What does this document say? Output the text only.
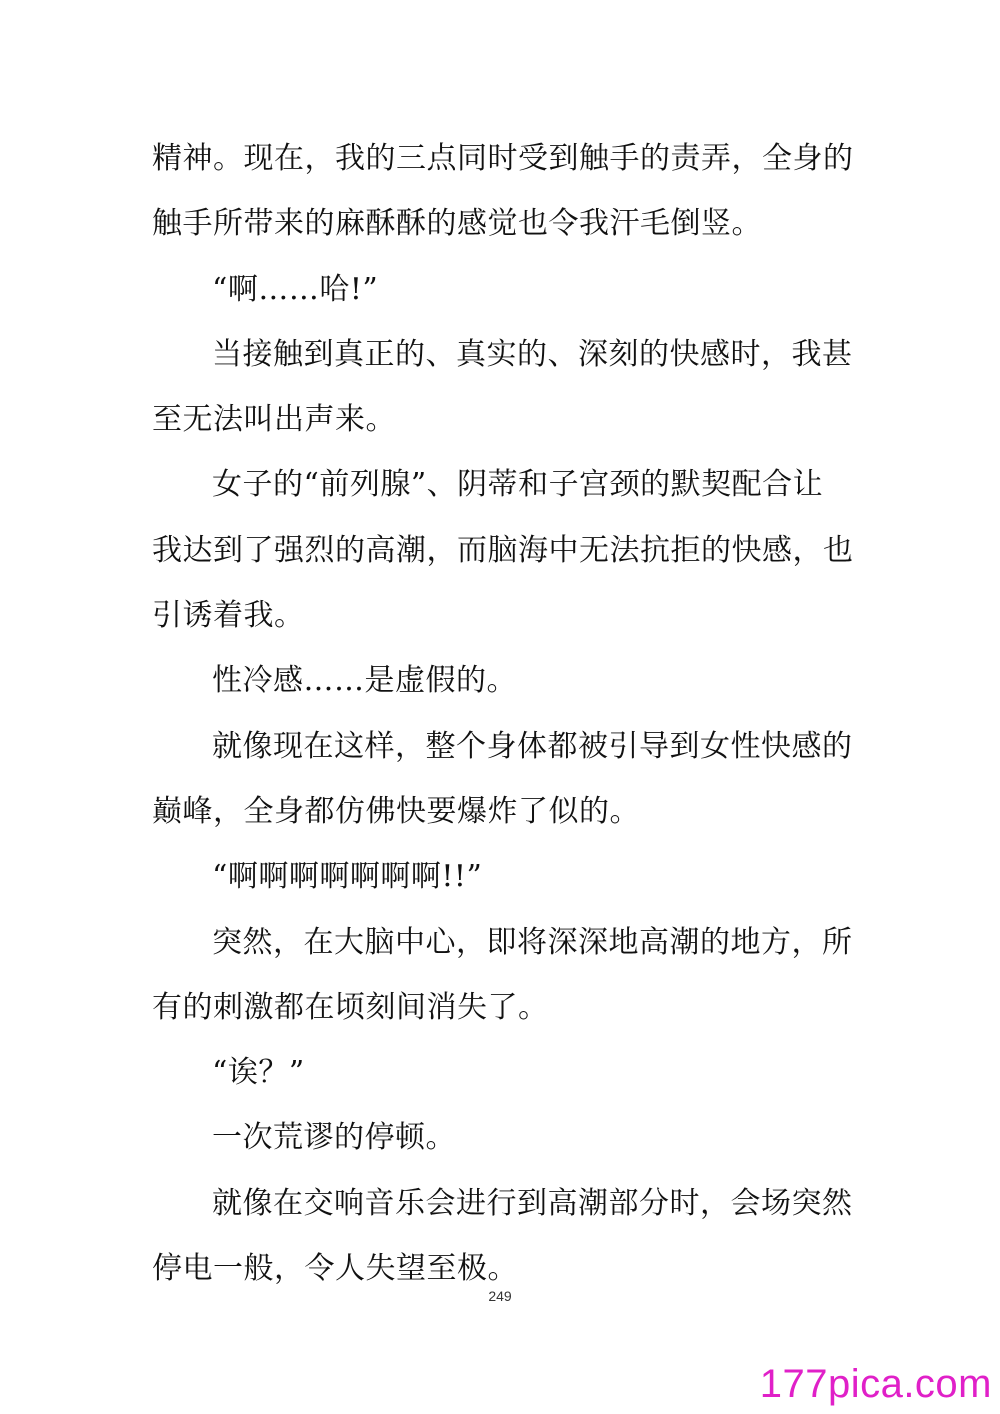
精神。现在，我的三点同时受到触手的责弄，全身的
触手所带来的麻酥酥的感觉也令我汗毛倒竖。
“啊……哈!”
当接触到真正的、真实的、深刻的快感时，我甚
至无法叫出声来。
女子的“前列腺”、阴蒂和子宫颈的默契配合让
我达到了强烈的高潮，而脑海中无法抗拒的快感，也
引诱着我。
性冷感……是虚假的。
就像现在这样，整个身体都被引导到女性快感的
巅峰，全身都仿佛快要爆炸了似的。
“啊啊啊啊啊啊啊!!”
突然，在大脑中心，即将深深地高潮的地方，所
有的刺激都在顷刻间消失了。
“诶？”
一次荒谬的停顿。
就像在交响音乐会进行到高潮部分时，会场突然
停电一般，令人失望至极。
249
177pica.com
